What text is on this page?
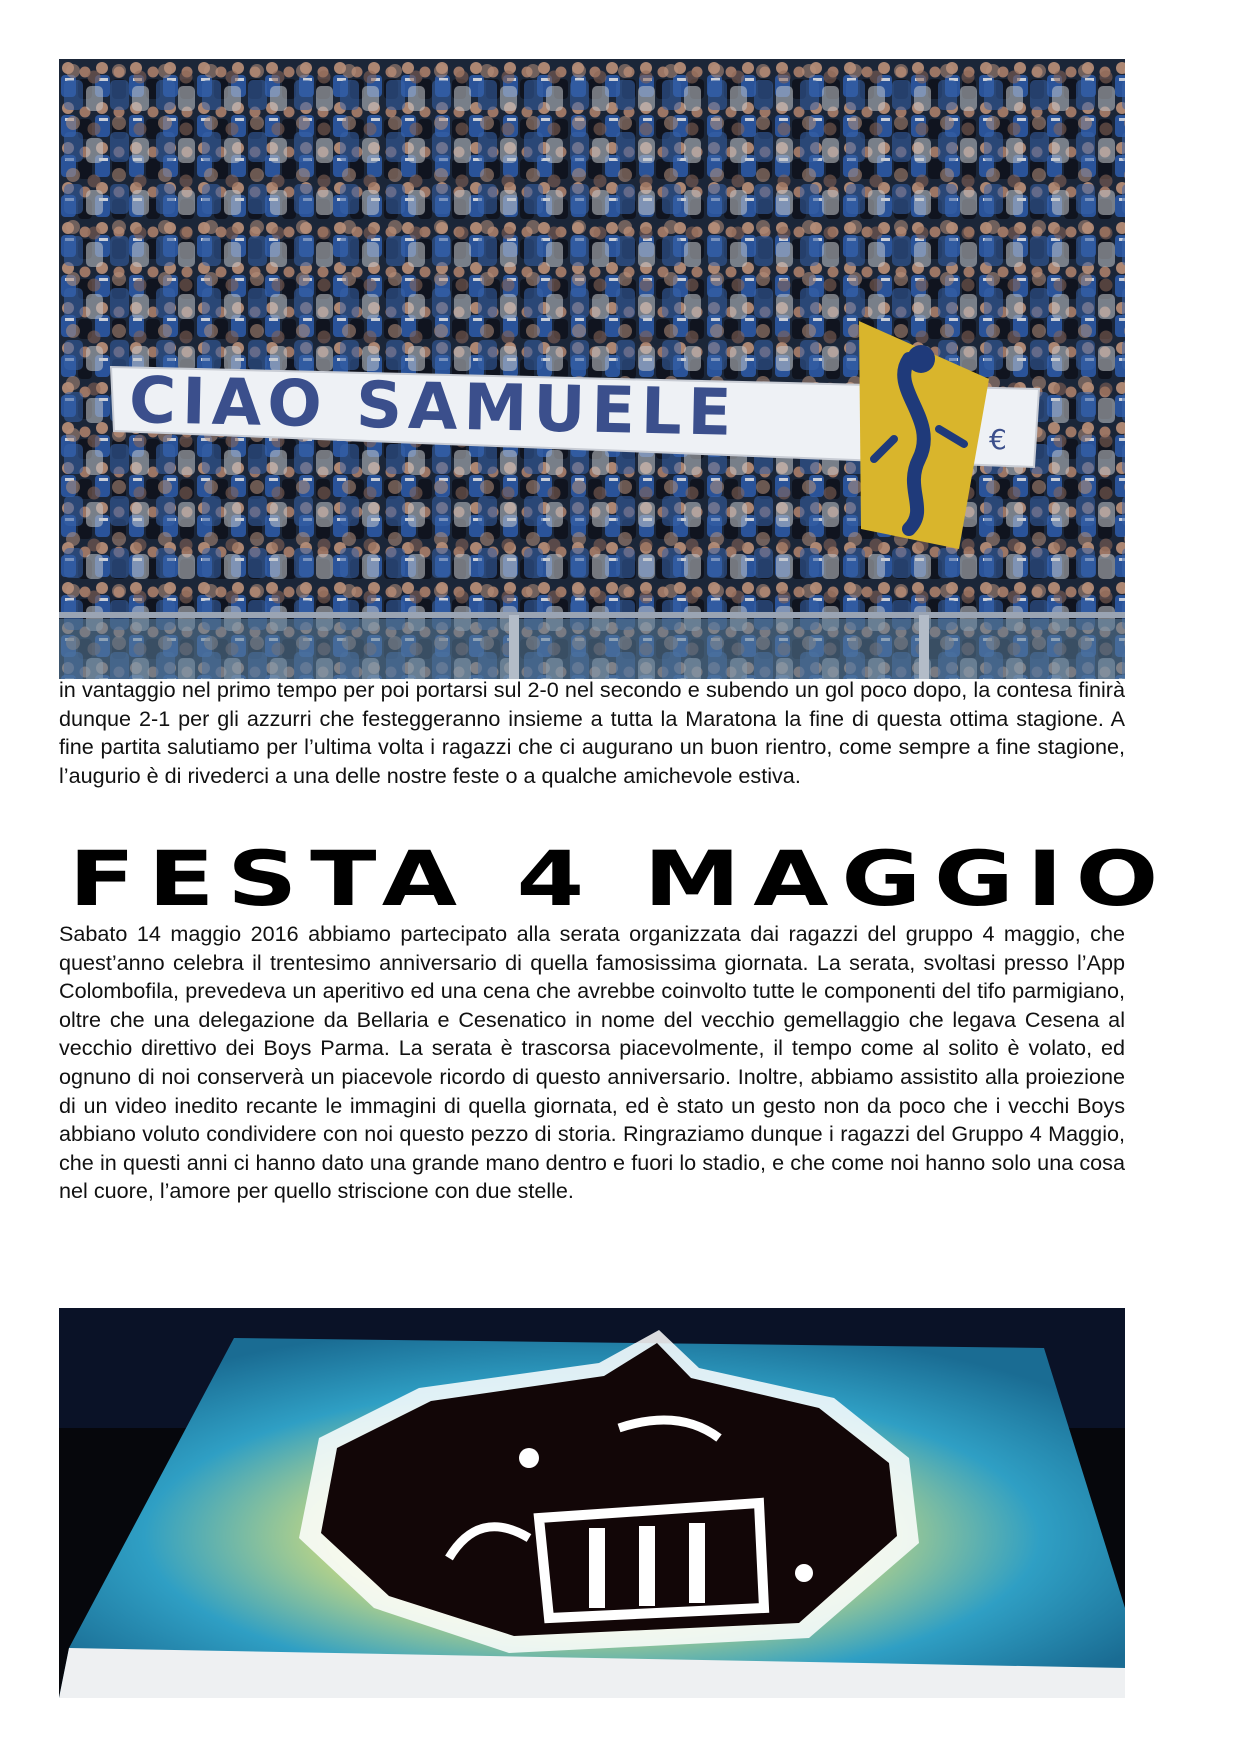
CIAO SAMUELE	€

in vantaggio nel primo tempo per poi portarsi sul 2-0 nel secondo e subendo un gol poco dopo, la contesa finirà dunque 2-1 per gli azzurri che festeggeranno insieme a tutta la Maratona la fine di questa ottima stagione. A fine partita salutiamo per l’ultima volta i ragazzi che ci augurano un buon rientro, come sempre a fine stagione, l’augurio è di rivederci a una delle nostre feste o a qualche amichevole estiva.

FESTA 4 MAGGIO

Sabato 14 maggio 2016 abbiamo partecipato alla serata organizzata dai ragazzi del gruppo 4 maggio, che quest’anno celebra il trentesimo anniversario di quella famosissima giornata. La serata, svoltasi presso l’App Colombofila, prevedeva un aperitivo ed una cena che avrebbe coinvolto tutte le componenti del tifo parmigiano, oltre che una delegazione da Bellaria e Cesenatico in nome del vecchio gemellaggio che legava Cesena al vecchio direttivo dei Boys Parma. La serata è trascorsa piacevolmente, il tempo come al solito è volato, ed ognuno di noi conserverà un piacevole ricordo di questo anniversario. Inoltre, abbiamo assistito alla proiezione di un video inedito recante le immagini di quella giornata, ed è stato un gesto non da poco che i vecchi Boys abbiano voluto condividere con noi questo pezzo di storia. Ringraziamo dunque i ragazzi del Gruppo 4 Maggio, che in questi anni ci hanno dato una grande mano dentro e fuori lo stadio, e che come noi hanno solo una cosa nel cuore, l’amore per quello striscione con due stelle.
